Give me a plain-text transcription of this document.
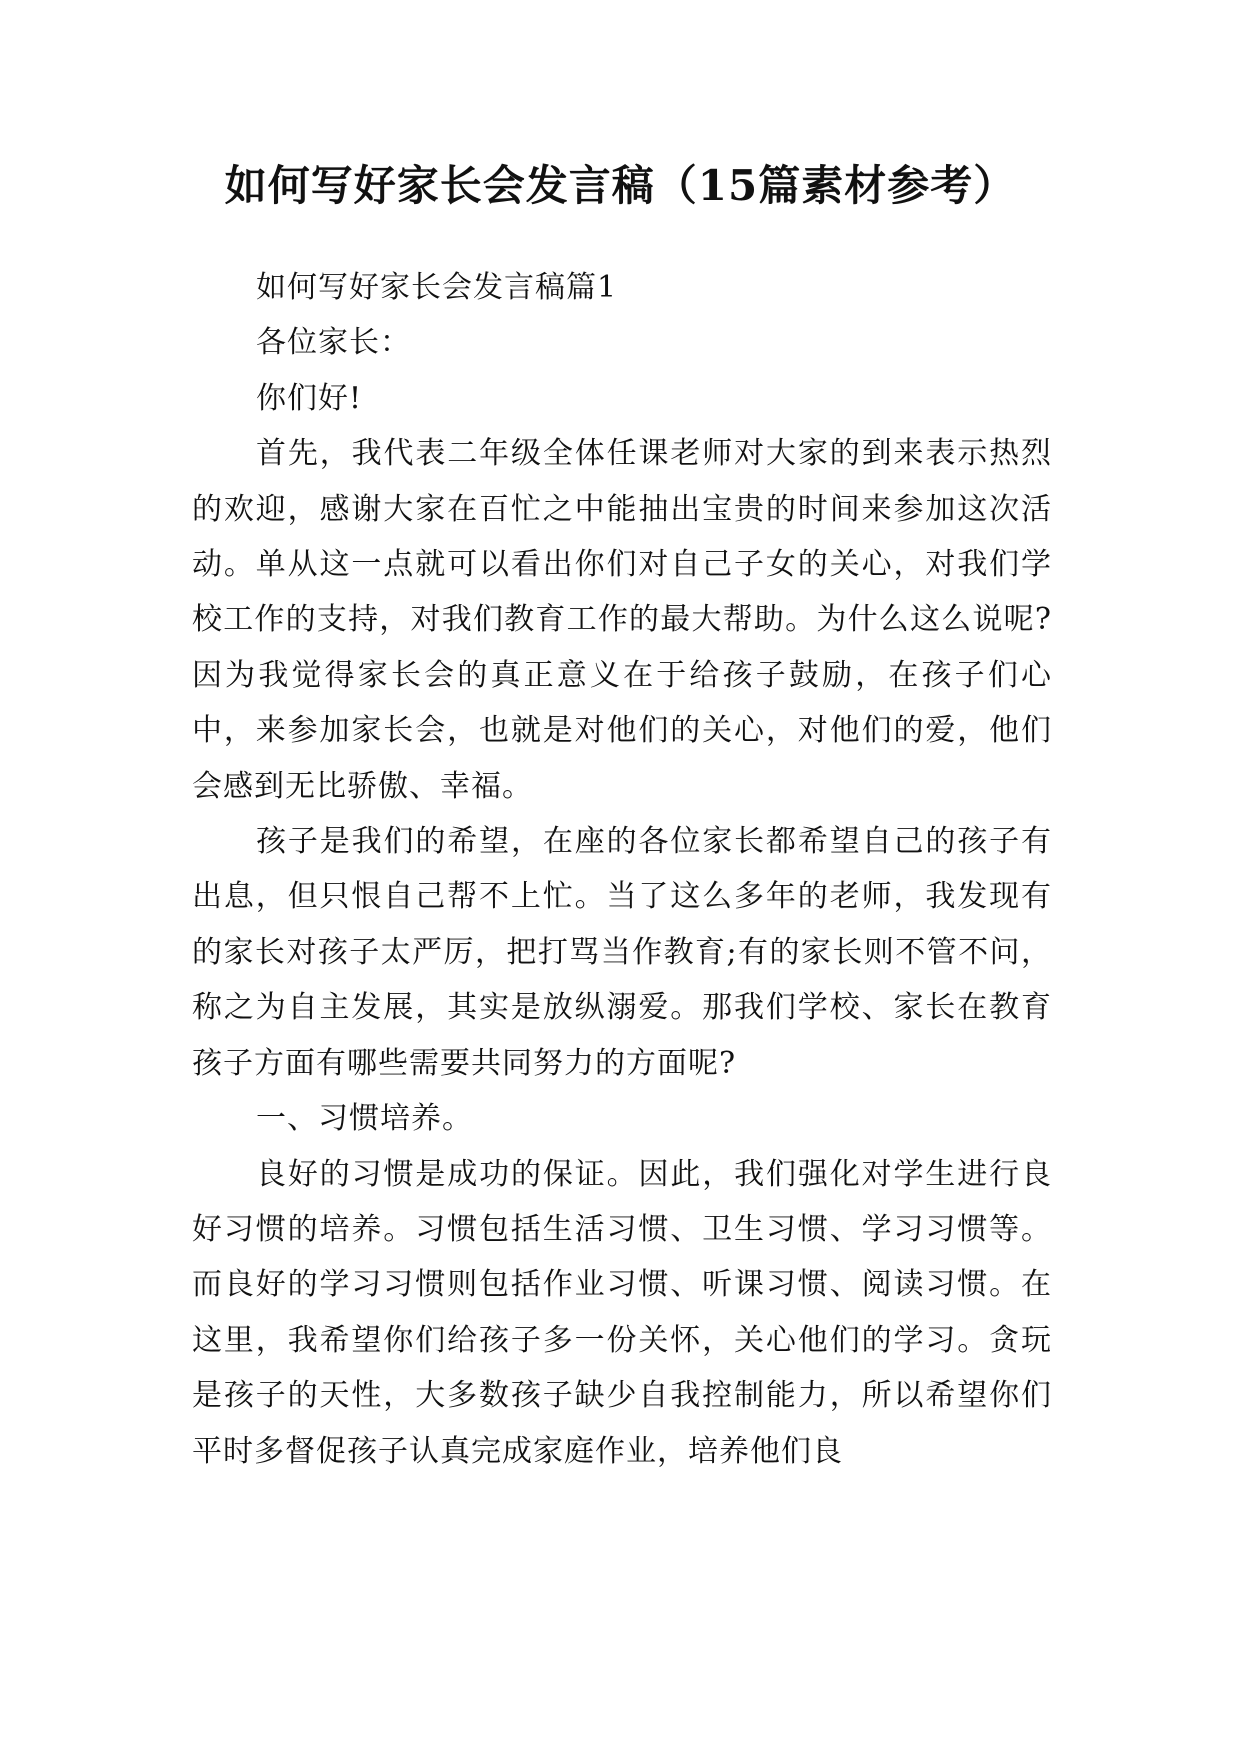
如何写好家长会发言稿（15篇素材参考）

如何写好家长会发言稿篇1

各位家长：

你们好!

首先，我代表二年级全体任课老师对大家的到来表示热烈的欢迎，感谢大家在百忙之中能抽出宝贵的时间来参加这次活动。单从这一点就可以看出你们对自己子女的关心，对我们学校工作的支持，对我们教育工作的最大帮助。为什么这么说呢?因为我觉得家长会的真正意义在于给孩子鼓励，在孩子们心中，来参加家长会，也就是对他们的关心，对他们的爱，他们会感到无比骄傲、幸福。

孩子是我们的希望，在座的各位家长都希望自己的孩子有出息，但只恨自己帮不上忙。当了这么多年的老师，我发现有的家长对孩子太严厉，把打骂当作教育;有的家长则不管不问，称之为自主发展，其实是放纵溺爱。那我们学校、家长在教育孩子方面有哪些需要共同努力的方面呢?

一、习惯培养。

良好的习惯是成功的保证。因此，我们强化对学生进行良好习惯的培养。习惯包括生活习惯、卫生习惯、学习习惯等。而良好的学习习惯则包括作业习惯、听课习惯、阅读习惯。在这里，我希望你们给孩子多一份关怀，关心他们的学习。贪玩是孩子的天性，大多数孩子缺少自我控制能力，所以希望你们平时多督促孩子认真完成家庭作业，培养他们良
